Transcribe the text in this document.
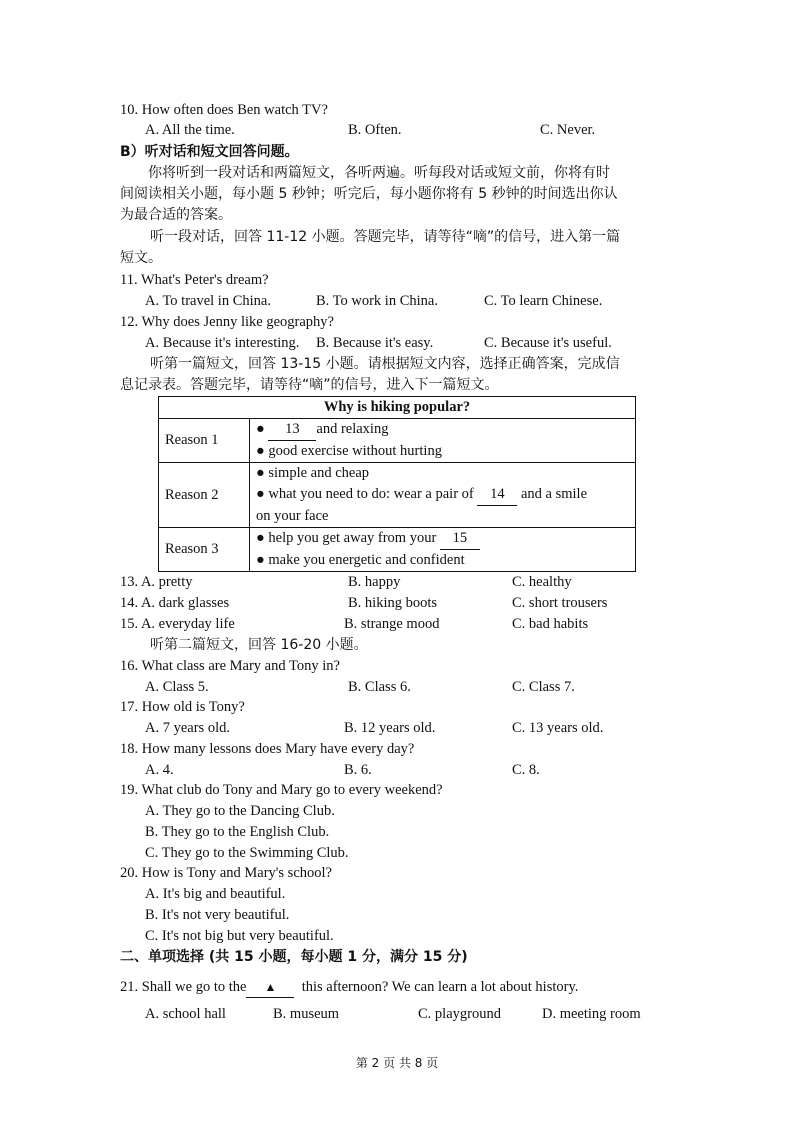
10. How often does Ben watch TV?
A. All the time.	B. Often.	C. Never.
B）听对话和短文回答问题。
你将听到一段对话和两篇短文，各听两遍。听每段对话或短文前，你将有时
间阅读相关小题，每小题 5 秒钟；听完后，每小题你将有 5 秒钟的时间选出你认
为最合适的答案。
听一段对话，回答 11-12 小题。答题完毕，请等待“嘀”的信号，进入第一篇
短文。
11. What's Peter's dream?
A. To travel in China.	B. To work in China.	C. To learn Chinese.
12. Why does Jenny like geography?
A. Because it's interesting. B. Because it's easy.	C. Because it's useful.
听第一篇短文，回答 13-15 小题。请根据短文内容，选择正确答案，完成信
息记录表。答题完毕，请等待“嘀”的信号，进入下一篇短文。
Why is hiking popular?	
Reason 1	● 13 and relaxing
● good exercise without hurting

Reason 2	● simple and cheap
● what you need to do: wear a pair of 14 and a smile
on your face

Reason 3	● help you get away from your 15
● make you energetic and confident
13. A. pretty	B. happy	C. healthy
14. A. dark glasses	B. hiking boots	C. short trousers
15. A. everyday life	B. strange mood	C. bad habits
听第二篇短文，回答 16-20 小题。
16. What class are Mary and Tony in?
A. Class 5.	B. Class 6.	C. Class 7.
17. How old is Tony?
A. 7 years old.	B. 12 years old.	C. 13 years old.
18. How many lessons does Mary have every day?
A. 4.	B. 6.	C. 8.
19. What club do Tony and Mary go to every weekend?
A. They go to the Dancing Club.
B. They go to the English Club.
C. They go to the Swimming Club.
20. How is Tony and Mary's school?
A. It's big and beautiful.
B. It's not very beautiful.
C. It's not big but very beautiful.
二、单项选择 (共 15 小题，每小题 1 分，满分 15 分)
21. Shall we go to the ▲ this afternoon? We can learn a lot about history.
A. school hall	B. museum	C. playground	D. meeting room
第 2 页 共 8 页
